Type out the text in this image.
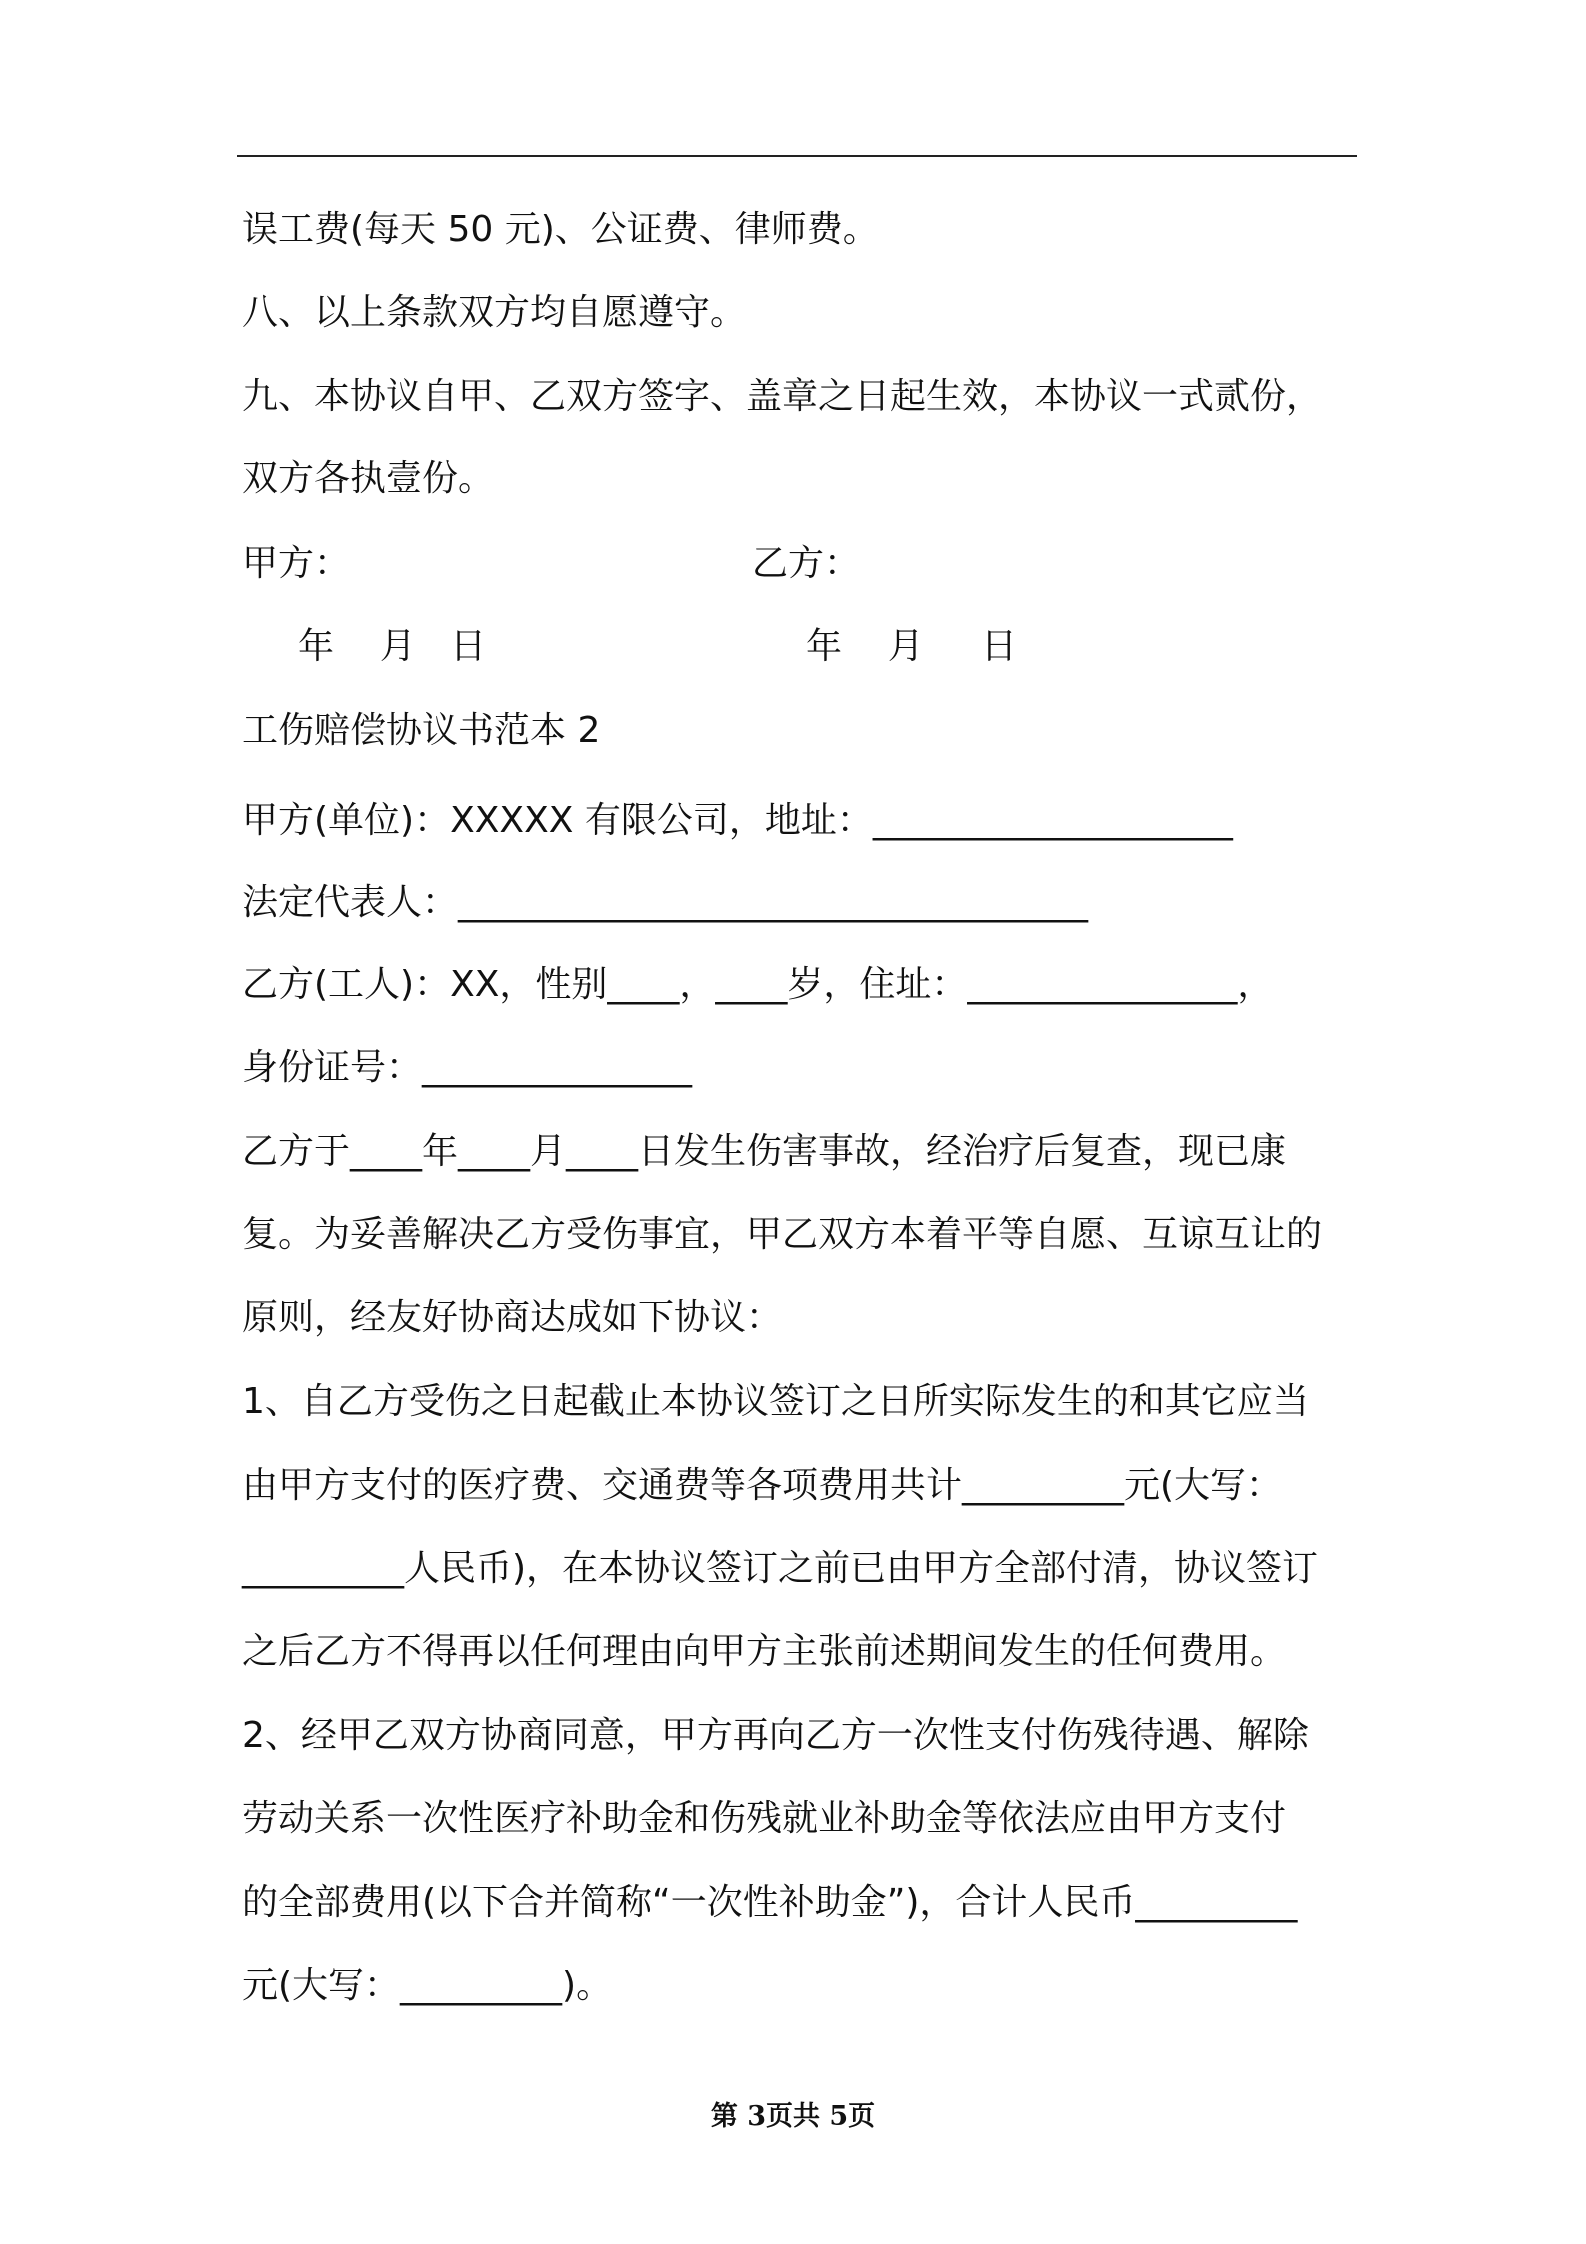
误工费(每天 50 元)、公证费、律师费。
八、以上条款双方均自愿遵守。
九、本协议自甲、乙双方签字、盖章之日起生效，本协议一式贰份，
双方各执壹份。
甲方：	乙方：
年    月   日	年    月     日
工伤赔偿协议书范本 2
甲方(单位)：XXXXX 有限公司，地址：____________________
法定代表人：___________________________________
乙方(工人)：XX，性别____，____岁，住址：_______________，
身份证号：_______________
乙方于____年____月____日发生伤害事故，经治疗后复查，现已康
复。为妥善解决乙方受伤事宜，甲乙双方本着平等自愿、互谅互让的
原则，经友好协商达成如下协议：
1、自乙方受伤之日起截止本协议签订之日所实际发生的和其它应当
由甲方支付的医疗费、交通费等各项费用共计_________元(大写：
_________人民币)，在本协议签订之前已由甲方全部付清，协议签订
之后乙方不得再以任何理由向甲方主张前述期间发生的任何费用。
2、经甲乙双方协商同意，甲方再向乙方一次性支付伤残待遇、解除
劳动关系一次性医疗补助金和伤残就业补助金等依法应由甲方支付
的全部费用(以下合并简称“一次性补助金”)，合计人民币_________
元(大写：_________)。
第 3页共 5页
